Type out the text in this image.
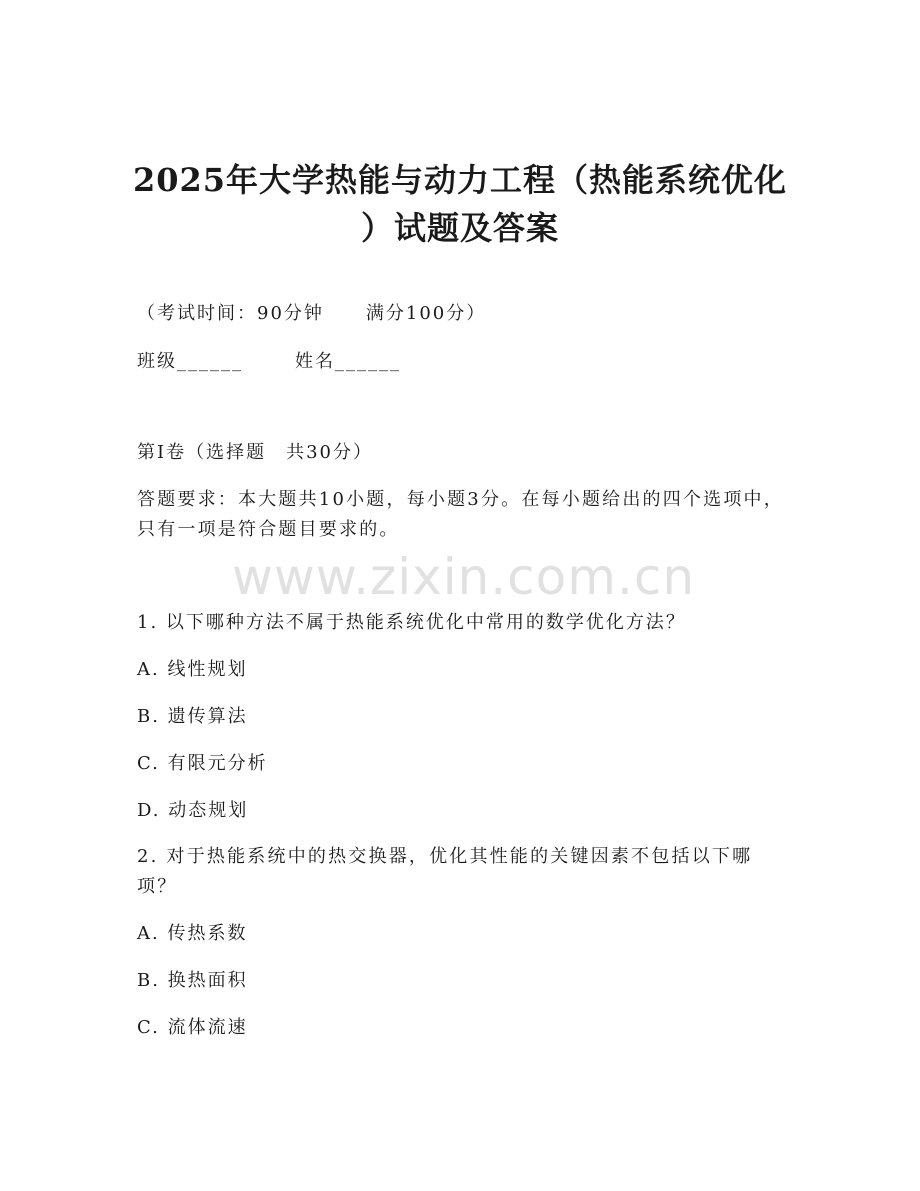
2025年大学热能与动力工程（热能系统优化
）试题及答案
（考试时间：90分钟 满分100分）
班级______	姓名______
第I卷（选择题　共30分）
答题要求：本大题共10小题，每小题3分。在每小题给出的四个选项中，只有一项是符合题目要求的。
www.zixin.com.cn
1. 以下哪种方法不属于热能系统优化中常用的数学优化方法？
A. 线性规划
B. 遗传算法
C. 有限元分析
D. 动态规划
2. 对于热能系统中的热交换器，优化其性能的关键因素不包括以下哪项？
A. 传热系数
B. 换热面积
C. 流体流速
